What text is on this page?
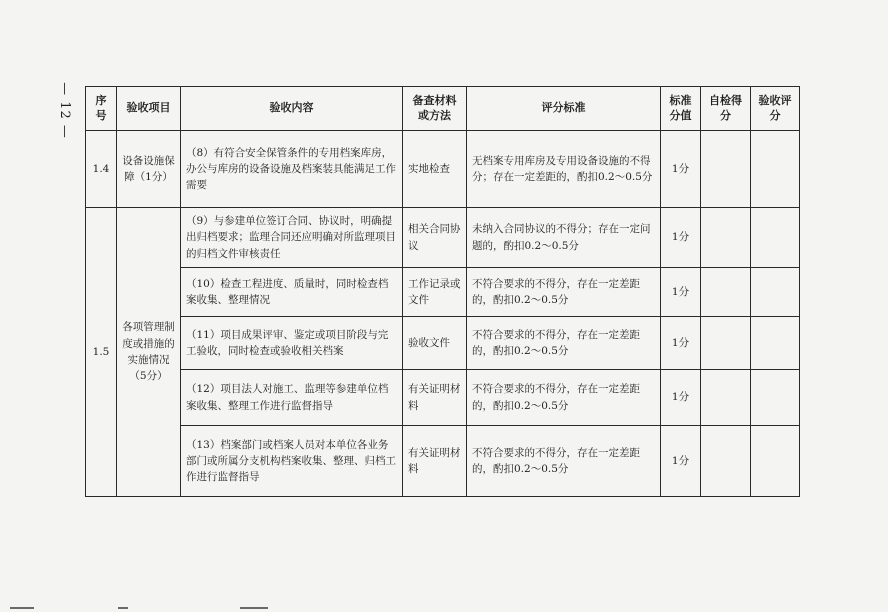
— 12 — 序号	验收项目	验收内容	备查材料或方法	评分标准	标准分值	自检得分	验收评分
1.4	设备设施保障（1分）	（8）有符合安全保管条件的专用档案库房，办公与库房的设备设施及档案装具能满足工作需要	实地检查	无档案专用库房及专用设备设施的不得分；存在一定差距的，酌扣0.2～0.5分	1分		
1.5	各项管理制度或措施的实施情况（5分）	（9）与参建单位签订合同、协议时，明确提出归档要求；监理合同还应明确对所监理项目的归档文件审核责任	相关合同协议	未纳入合同协议的不得分；存在一定问题的，酌扣0.2～0.5分	1分		
		（10）检查工程进度、质量时，同时检查档案收集、整理情况	工作记录或文件	不符合要求的不得分，存在一定差距的，酌扣0.2～0.5分	1分		
		（11）项目成果评审、鉴定或项目阶段与完工验收，同时检查或验收相关档案	验收文件	不符合要求的不得分，存在一定差距的，酌扣0.2～0.5分	1分		
		（12）项目法人对施工、监理等参建单位档案收集、整理工作进行监督指导	有关证明材料	不符合要求的不得分，存在一定差距的，酌扣0.2～0.5分	1分		
		（13）档案部门或档案人员对本单位各业务部门或所属分支机构档案收集、整理、归档工作进行监督指导	有关证明材料	不符合要求的不得分，存在一定差距的，酌扣0.2～0.5分	1分		
